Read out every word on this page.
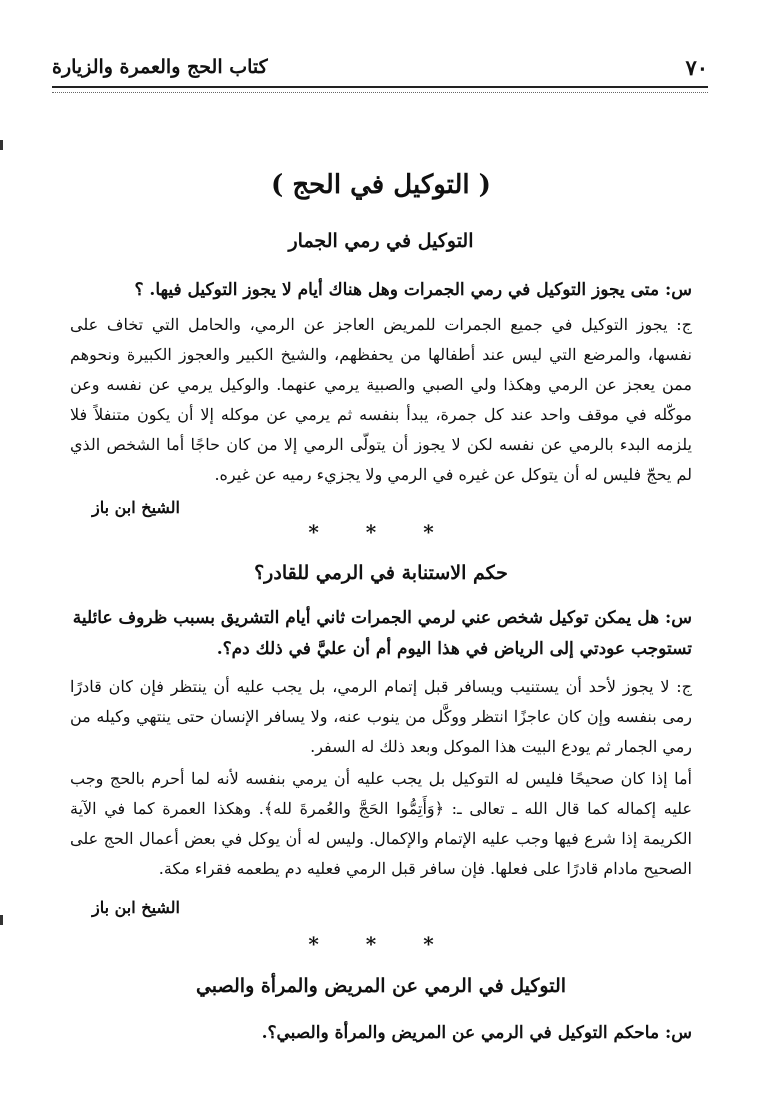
كتاب الحج والعمرة والزيارة	٧٠
( التوكيل في الحج )
التوكيل في رمي الجمار
س: متى يجوز التوكيل في رمي الجمرات وهل هناك أيام لا يجوز التوكيل فيها. ؟
ج: يجوز التوكيل في جميع الجمرات للمريض العاجز عن الرمي، والحامل التي تخاف على نفسها، والمرضع التي ليس عند أطفالها من يحفظهم، والشيخ الكبير والعجوز الكبيرة ونحوهم ممن يعجز عن الرمي وهكذا ولي الصبي والصبية يرمي عنهما. والوكيل يرمي عن نفسه وعن موكّله في موقف واحد عند كل جمرة، يبدأ بنفسه ثم يرمي عن موكله إلا أن يكون متنفلاً فلا يلزمه البدء بالرمي عن نفسه لكن لا يجوز أن يتولّى الرمي إلا من كان حاجًا أما الشخص الذي لم يحجّ فليس له أن يتوكل عن غيره في الرمي ولا يجزيء رميه عن غيره.
الشيخ ابن باز
* * *
حكم الاستنابة في الرمي للقادر؟
س: هل يمكن توكيل شخص عني لرمي الجمرات ثاني أيام التشريق بسبب ظروف عائلية تستوجب عودتي إلى الرياض في هذا اليوم أم أن عليَّ في ذلك دم؟.
ج: لا يجوز لأحد أن يستنيب ويسافر قبل إتمام الرمي، بل يجب عليه أن ينتظر فإن كان قادرًا رمى بنفسه وإن كان عاجزًا انتظر ووكَّل من ينوب عنه، ولا يسافر الإنسان حتى ينتهي وكيله من رمي الجمار ثم يودع البيت هذا الموكل وبعد ذلك له السفر.
أما إذا كان صحيحًا فليس له التوكيل بل يجب عليه أن يرمي بنفسه لأنه لما أحرم بالحج وجب عليه إكماله كما قال الله ـ تعالى ـ: ﴿وَأَتِمُّوا الحَجَّ والعُمرةَ لله﴾. وهكذا العمرة كما في الآية الكريمة إذا شرع فيها وجب عليه الإتمام والإكمال. وليس له أن يوكل في بعض أعمال الحج على الصحيح مادام قادرًا على فعلها. فإن سافر قبل الرمي فعليه دم يطعمه فقراء مكة.
الشيخ ابن باز
* * *
التوكيل في الرمي عن المريض والمرأة والصبي
س: ماحكم التوكيل في الرمي عن المريض والمرأة والصبي؟.
